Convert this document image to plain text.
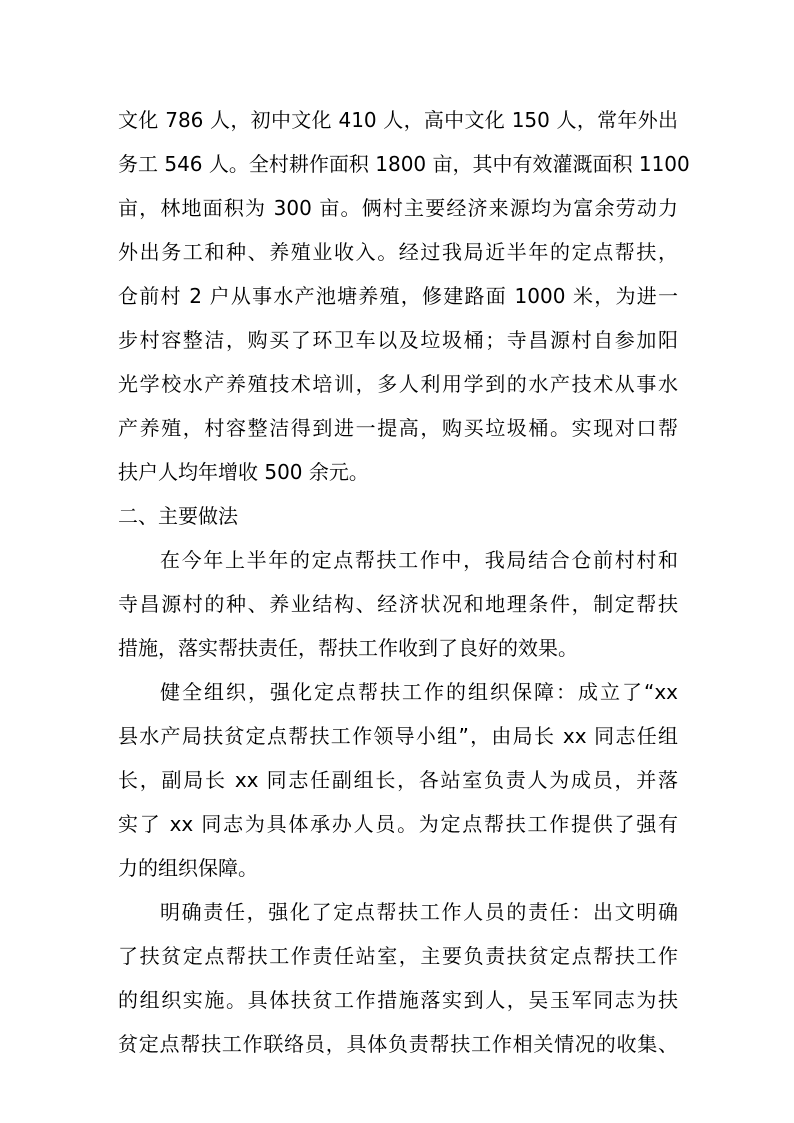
文化 786 人，初中文化 410 人，高中文化 150 人，常年外出
务工 546 人。全村耕作面积 1800 亩，其中有效灌溉面积 1100
亩，林地面积为 300 亩。俩村主要经济来源均为富余劳动力
外出务工和种、养殖业收入。经过我局近半年的定点帮扶，
仓前村 2 户从事水产池塘养殖，修建路面 1000 米，为进一
步村容整洁，购买了环卫车以及垃圾桶；寺昌源村自参加阳
光学校水产养殖技术培训，多人利用学到的水产技术从事水
产养殖，村容整洁得到进一提高，购买垃圾桶。实现对口帮
扶户人均年增收 500 余元。
二、主要做法
在今年上半年的定点帮扶工作中，我局结合仓前村村和
寺昌源村的种、养业结构、经济状况和地理条件，制定帮扶
措施，落实帮扶责任，帮扶工作收到了良好的效果。
健全组织，强化定点帮扶工作的组织保障：成立了“xx
县水产局扶贫定点帮扶工作领导小组”，由局长 xx 同志任组
长，副局长 xx 同志任副组长，各站室负责人为成员，并落
实了 xx 同志为具体承办人员。为定点帮扶工作提供了强有
力的组织保障。
明确责任，强化了定点帮扶工作人员的责任：出文明确
了扶贫定点帮扶工作责任站室，主要负责扶贫定点帮扶工作
的组织实施。具体扶贫工作措施落实到人，吴玉军同志为扶
贫定点帮扶工作联络员，具体负责帮扶工作相关情况的收集、
